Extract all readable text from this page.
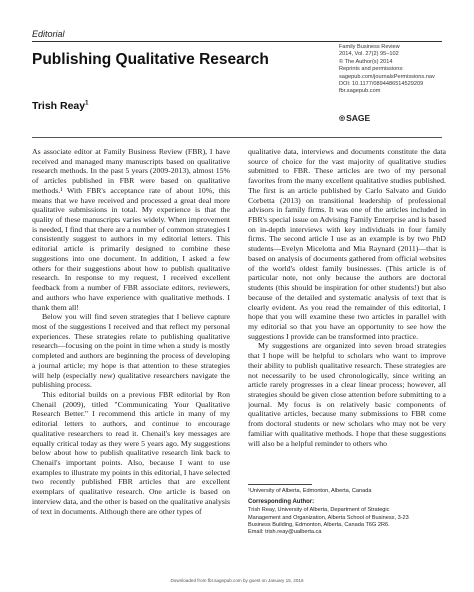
Editorial
Publishing Qualitative Research
Trish Reay$^1$
Family Business Review
2014, Vol. 27(2) 95–102
© The Author(s) 2014
Reprints and permissions:
sagepub.com/journalsPermissions.nav
DOI: 10.1177/0894486514529209
fbr.sagepub.com
◎ SAGE

As associate editor at Family Business Review (FBR), I have received and managed many manuscripts based on qualitative research methods. In the past 5 years (2009-2013), almost 15% of articles published in FBR were based on qualitative methods.¹ With FBR's acceptance rate of about 10%, this means that we have received and processed a great deal more qualitative submissions in total. My experience is that the quality of these manuscripts varies widely. When improvement is needed, I find that there are a number of common strategies I consistently suggest to authors in my editorial letters. This editorial article is primarily designed to combine these suggestions into one document. In addition, I asked a few others for their suggestions about how to publish qualitative research. In response to my request, I received excellent feedback from a number of FBR associate editors, reviewers, and authors who have experience with qualitative methods. I thank them all!

Below you will find seven strategies that I believe capture most of the suggestions I received and that reflect my personal experiences. These strategies relate to publishing qualitative research—focusing on the point in time when a study is mostly completed and authors are beginning the process of developing a journal article; my hope is that attention to these strategies will help (especially new) qualitative researchers navigate the publishing process.

This editorial builds on a previous FBR editorial by Ron Chenail (2009), titled "Communicating Your Qualitative Research Better." I recommend this article in many of my editorial letters to authors, and continue to encourage qualitative researchers to read it. Chenail's key messages are equally critical today as they were 5 years ago. My suggestions below about how to publish qualitative research link back to Chenail's important points. Also, because I want to use examples to illustrate my points in this editorial, I have selected two recently published FBR articles that are excellent exemplars of qualitative research. One article is based on interview data, and the other is based on the qualitative analysis of text in documents. Although there are other types of

qualitative data, interviews and documents constitute the data source of choice for the vast majority of qualitative studies submitted to FBR. These articles are two of my personal favorites from the many excellent qualitative studies published. The first is an article published by Carlo Salvato and Guido Corbetta (2013) on transitional leadership of professional advisors in family firms. It was one of the articles included in FBR's special issue on Advising Family Enterprise and is based on in-depth interviews with key individuals in four family firms. The second article I use as an example is by two PhD students—Evelyn Micelotta and Mia Raynard (2011)—that is based on analysis of documents gathered from official websites of the world's oldest family businesses. (This article is of particular note, not only because the authors are doctoral students (this should be inspiration for other students!) but also because of the detailed and systematic analysis of text that is clearly evident. As you read the remainder of this editorial, I hope that you will examine these two articles in parallel with my editorial so that you have an opportunity to see how the suggestions I provide can be transformed into practice.

My suggestions are organized into seven broad strategies that I hope will be helpful to scholars who want to improve their ability to publish qualitative research. These strategies are not necessarily to be used chronologically, since writing an article rarely progresses in a clear linear process; however, all strategies should be given close attention before submitting to a journal. My focus is on relatively basic components of qualitative articles, because many submissions to FBR come from doctoral students or new scholars who may not be very familiar with qualitative methods. I hope that these suggestions will also be a helpful reminder to others who

¹University of Alberta, Edmonton, Alberta, Canada
Corresponding Author:
Trish Reay, University of Alberta, Department of Strategic
Management and Organization, Alberta School of Business, 3-23
Business Building, Edmonton, Alberta, Canada T6G 2R6.
Email: trish.reay@ualberta.ca
Downloaded from fbr.sagepub.com by guest on January 15, 2016
